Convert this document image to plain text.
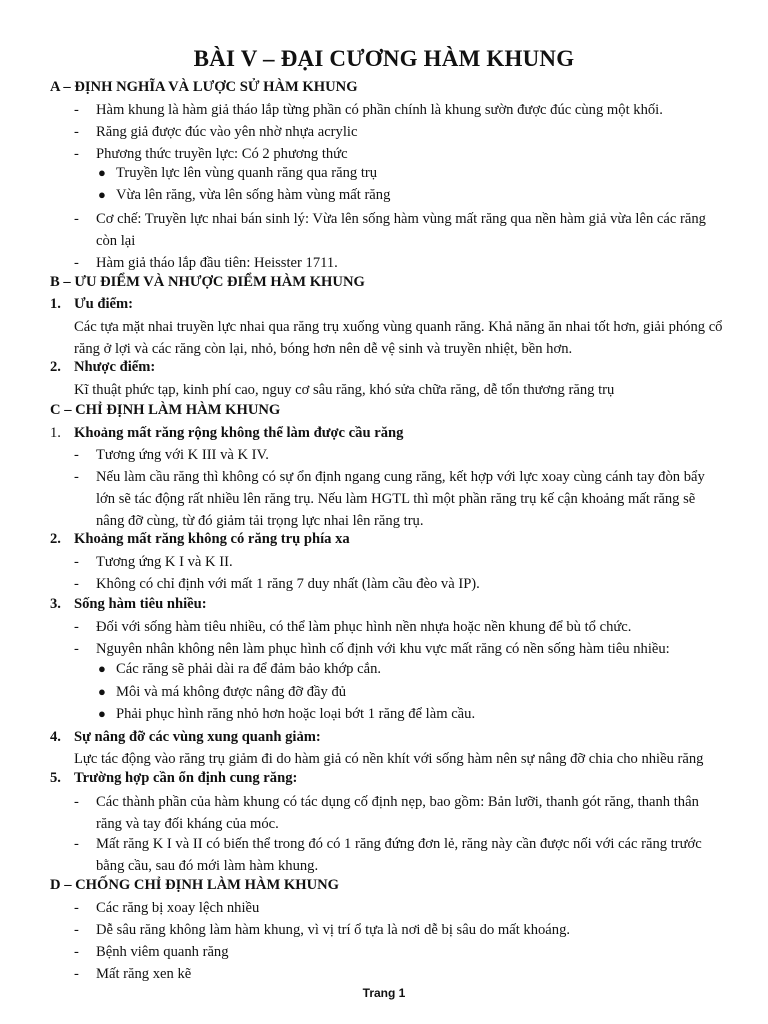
BÀI V – ĐẠI CƯƠNG HÀM KHUNG
A – ĐỊNH NGHĨA VÀ LƯỢC SỬ HÀM KHUNG
- Hàm khung là hàm giả tháo lắp từng phần có phần chính là khung sườn được đúc cùng một khối.
- Răng giả được đúc vào yên nhờ nhựa acrylic
- Phương thức truyền lực: Có 2 phương thức
● Truyền lực lên vùng quanh răng qua răng trụ
● Vừa lên răng, vừa lên sống hàm vùng mất răng
- Cơ chế: Truyền lực nhai bán sinh lý: Vừa lên sống hàm vùng mất răng qua nền hàm giả vừa lên các răng còn lại
- Hàm giả tháo lắp đầu tiên: Heisster 1711.
B – ƯU ĐIỂM VÀ NHƯỢC ĐIỂM HÀM KHUNG
1. Ưu điểm:
Các tựa mặt nhai truyền lực nhai qua răng trụ xuống vùng quanh răng. Khả năng ăn nhai tốt hơn, giải phóng cổ răng ở lợi và các răng còn lại, nhỏ, bóng hơn nên dễ vệ sinh và truyền nhiệt, bền hơn.
2. Nhược điểm:
Kĩ thuật phức tạp, kinh phí cao, nguy cơ sâu răng, khó sửa chữa răng, dễ tổn thương răng trụ
C – CHỈ ĐỊNH LÀM HÀM KHUNG
1. Khoảng mất răng rộng không thể làm được cầu răng
- Tương ứng với K III và K IV.
- Nếu làm cầu răng thì không có sự ổn định ngang cung răng, kết hợp với lực xoay cùng cánh tay đòn bẩy lớn sẽ tác động rất nhiều lên răng trụ. Nếu làm HGTL thì một phần răng trụ kế cận khoảng mất răng sẽ nâng đỡ cùng, từ đó giảm tải trọng lực nhai lên răng trụ.
2. Khoảng mất răng không có răng trụ phía xa
- Tương ứng K I và K II.
- Không có chỉ định với mất 1 răng 7 duy nhất (làm cầu đèo và IP).
3. Sống hàm tiêu nhiều:
- Đối với sống hàm tiêu nhiều, có thể làm phục hình nền nhựa hoặc nền khung để bù tổ chức.
- Nguyên nhân không nên làm phục hình cố định với khu vực mất răng có nền sống hàm tiêu nhiều:
● Các răng sẽ phải dài ra để đảm bảo khớp cắn.
● Môi và má không được nâng đỡ đầy đủ
● Phải phục hình răng nhỏ hơn hoặc loại bớt 1 răng để làm cầu.
4. Sự nâng đỡ các vùng xung quanh giảm:
Lực tác động vào răng trụ giảm đi do hàm giả có nền khít với sống hàm nên sự nâng đỡ chia cho nhiều răng
5. Trường hợp cần ổn định cung răng:
- Các thành phần của hàm khung có tác dụng cố định nẹp, bao gồm: Bản lưỡi, thanh gót răng, thanh thân răng và tay đối kháng của móc.
- Mất răng K I và II có biến thể trong đó có 1 răng đứng đơn lẻ, răng này cần được nối với các răng trước bằng cầu, sau đó mới làm hàm khung.
D – CHỐNG CHỈ ĐỊNH LÀM HÀM KHUNG
- Các răng bị xoay lệch nhiều
- Dễ sâu răng không làm hàm khung, vì vị trí ổ tựa là nơi dễ bị sâu do mất khoáng.
- Bệnh viêm quanh răng
- Mất răng xen kẽ
Trang 1
